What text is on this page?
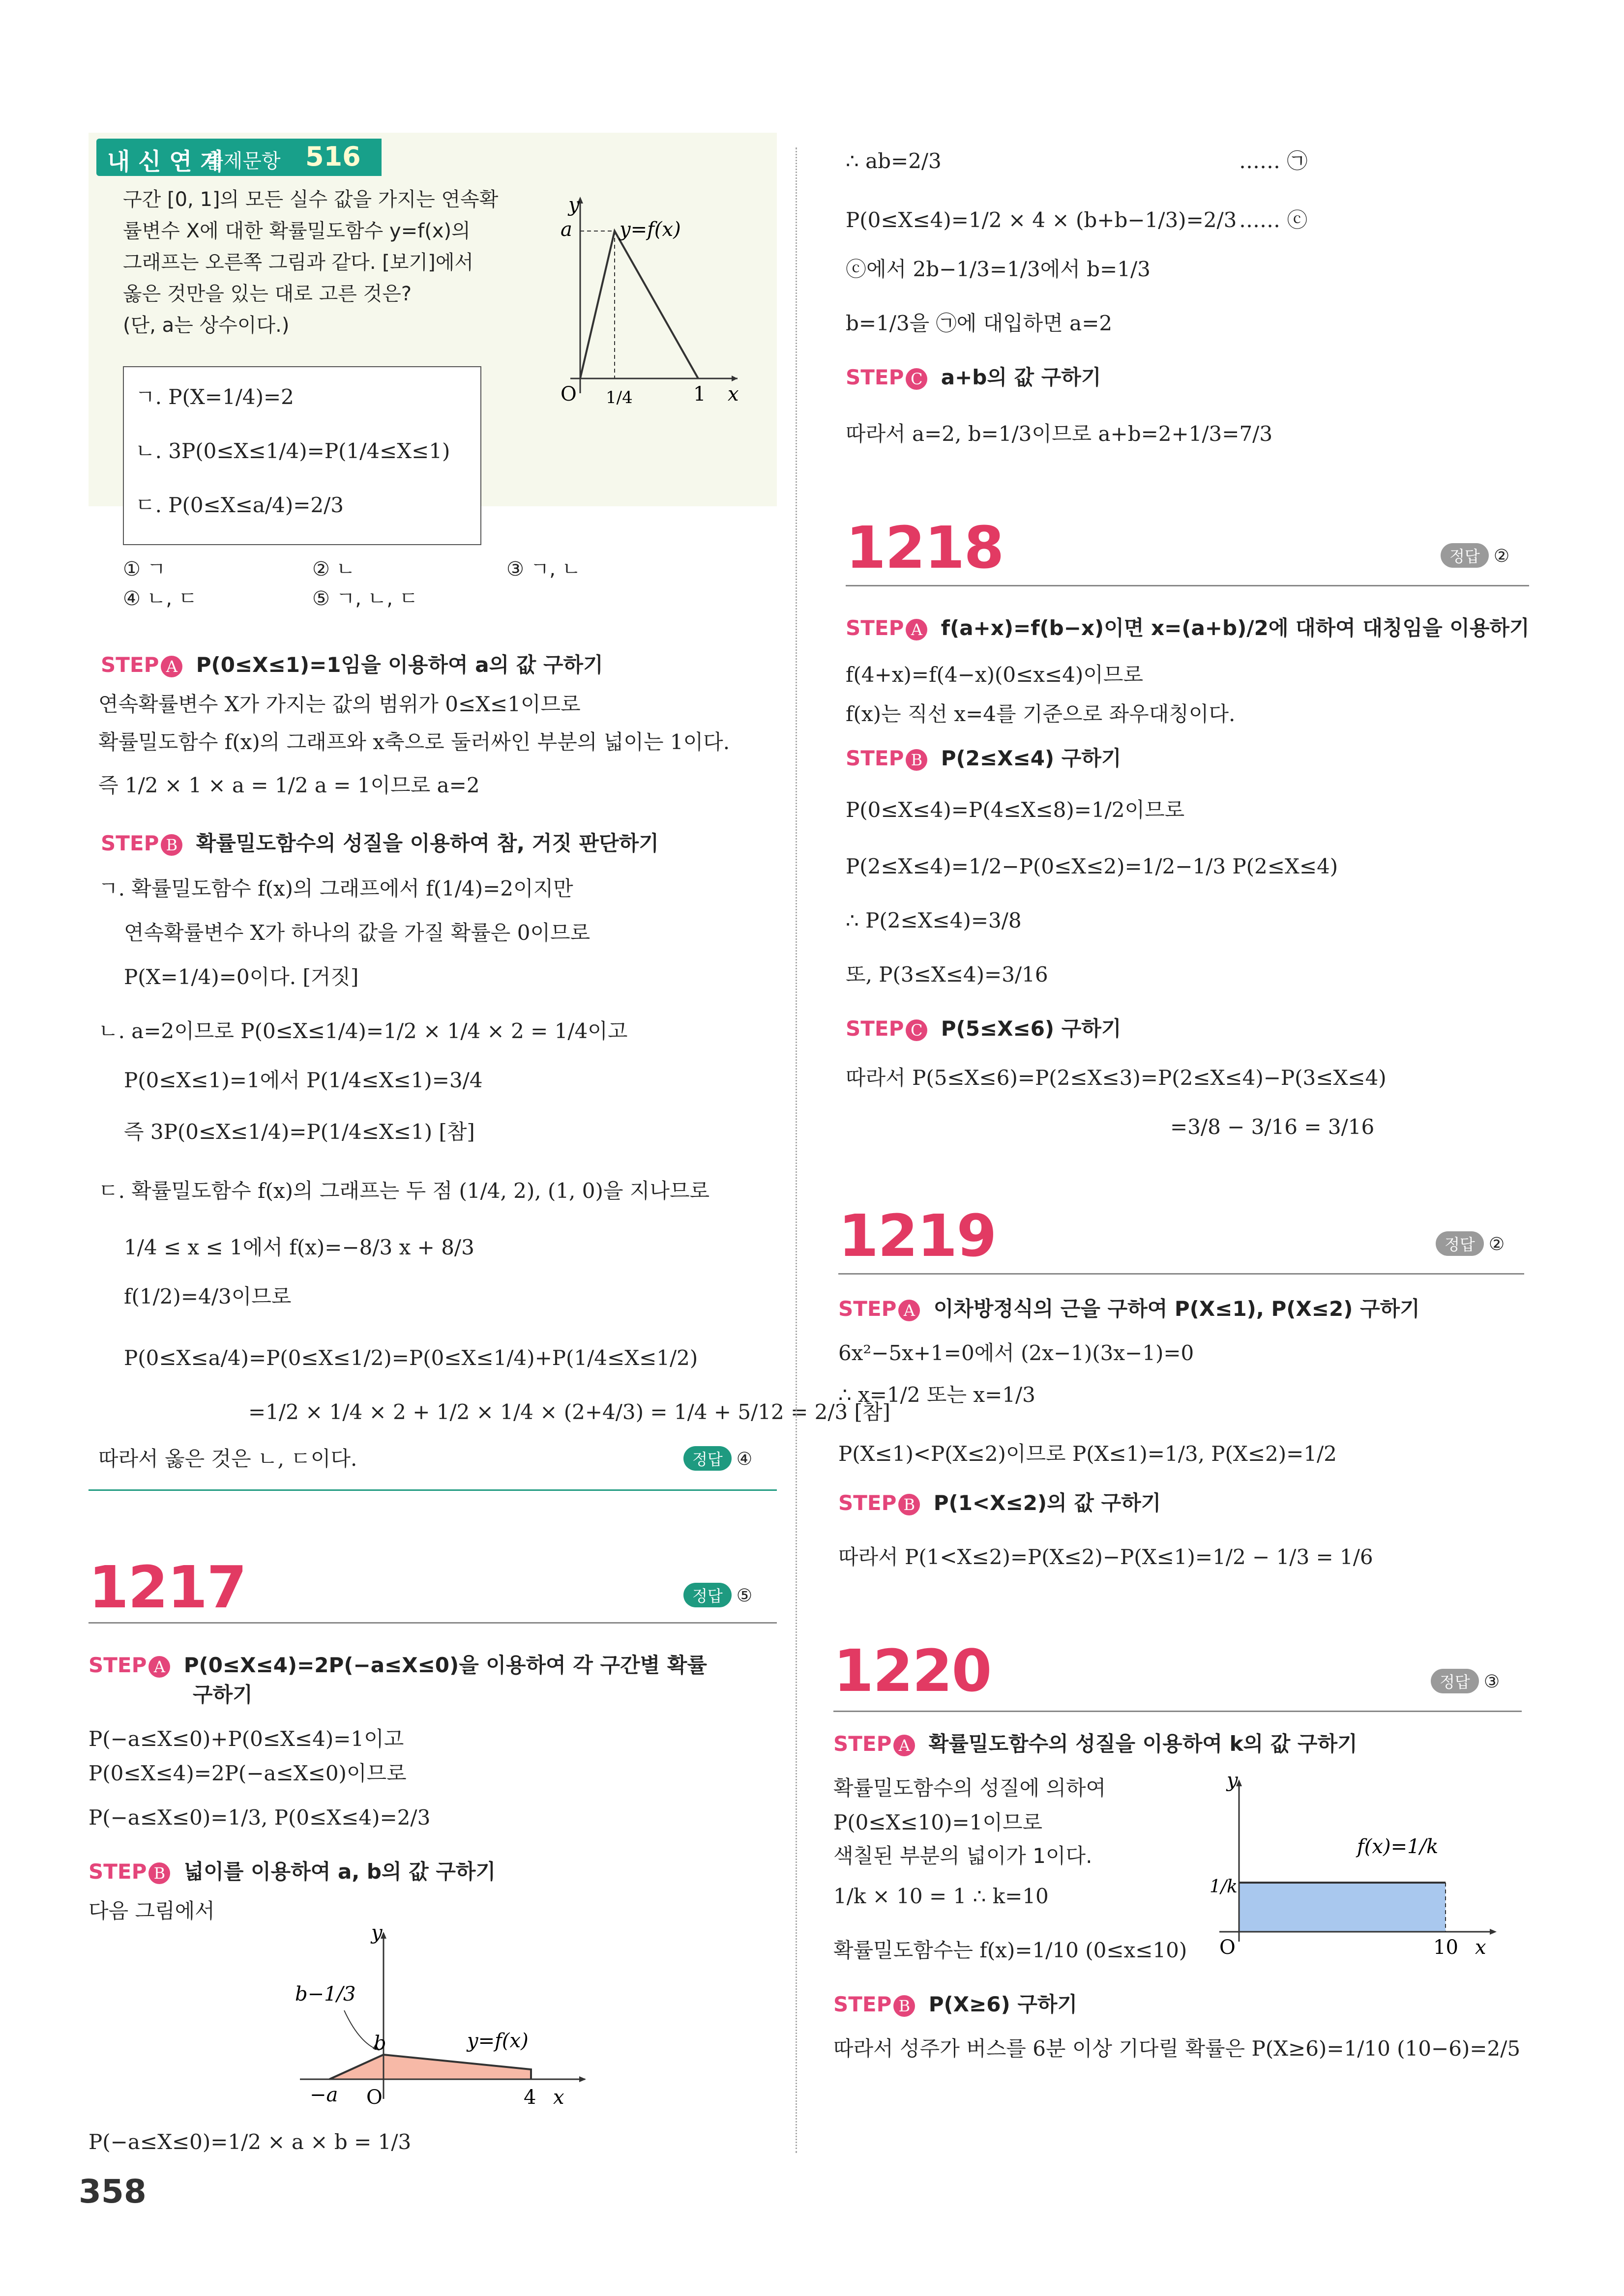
내 신 연 계
출제문항 516
구간 [0, 1]의 모든 실수 값을 가지는 연속확
률변수 X에 대한 확률밀도함수 y=f(x)의
그래프는 오른쪽 그림과 같다. [보기]에서
옳은 것만을 있는 대로 고른 것은?
(단, a는 상수이다.)
y
a y=f(x)
O 1/4	1 x
ㄱ. P(X=1/4)=2
ㄴ. 3P(0≤X≤1/4)=P(1/4≤X≤1)
ㄷ. P(0≤X≤a/4)=2/3
① ㄱ	② ㄴ	③ ㄱ, ㄴ
④ ㄴ, ㄷ	⑤ ㄱ, ㄴ, ㄷ
STEP A P(0≤X≤1)=1임을 이용하여 a의 값 구하기
연속확률변수 X가 가지는 값의 범위가 0≤X≤1이므로
확률밀도함수 f(x)의 그래프와 x축으로 둘러싸인 부분의 넓이는 1이다.
즉 1/2 × 1 × a = 1/2 a = 1이므로 a=2
STEP B 확률밀도함수의 성질을 이용하여 참, 거짓 판단하기
ㄱ. 확률밀도함수 f(x)의 그래프에서 f(1/4)=2이지만
연속확률변수 X가 하나의 값을 가질 확률은 0이므로
P(X=1/4)=0이다. [거짓]
ㄴ. a=2이므로 P(0≤X≤1/4)=1/2 × 1/4 × 2 = 1/4이고
P(0≤X≤1)=1에서 P(1/4≤X≤1)=3/4
즉 3P(0≤X≤1/4)=P(1/4≤X≤1) [참]
ㄷ. 확률밀도함수 f(x)의 그래프는 두 점 (1/4, 2), (1, 0)을 지나므로
1/4 ≤ x ≤ 1에서 f(x)=−8/3 x + 8/3
f(1/2)=4/3이므로
P(0≤X≤a/4)=P(0≤X≤1/2)=P(0≤X≤1/4)+P(1/4≤X≤1/2)
=1/2 × 1/4 × 2 + 1/2 × 1/4 × (2+4/3) = 1/4 + 5/12 = 2/3 [참]
따라서 옳은 것은 ㄴ, ㄷ이다.	정답 ④
1217	정답 ⑤
STEP A P(0≤X≤4)=2P(−a≤X≤0)을 이용하여 각 구간별 확률
구하기
P(−a≤X≤0)+P(0≤X≤4)=1이고
P(0≤X≤4)=2P(−a≤X≤0)이므로
P(−a≤X≤0)=1/3, P(0≤X≤4)=2/3
STEP B 넓이를 이용하여 a, b의 값 구하기
다음 그림에서
y
b−1/3
b	y=f(x)
−a O	4 x
P(−a≤X≤0)=1/2 × a × b = 1/3
358
∴ ab=2/3	…… ㉠
P(0≤X≤4)=1/2 × 4 × (b+b−1/3)=2/3 …… ⓒ
ⓒ에서 2b−1/3=1/3에서 b=1/3
b=1/3을 ㉠에 대입하면 a=2
STEP C a+b의 값 구하기
따라서 a=2, b=1/3이므로 a+b=2+1/3=7/3
1218	정답 ②
STEP A f(a+x)=f(b−x)이면 x=(a+b)/2에 대하여 대칭임을 이용하기
f(4+x)=f(4−x)(0≤x≤4)이므로
f(x)는 직선 x=4를 기준으로 좌우대칭이다.
STEP B P(2≤X≤4) 구하기
P(0≤X≤4)=P(4≤X≤8)=1/2이므로
P(2≤X≤4)=1/2−P(0≤X≤2)=1/2−1/3 P(2≤X≤4)
∴ P(2≤X≤4)=3/8
또, P(3≤X≤4)=3/16
STEP C P(5≤X≤6) 구하기
따라서 P(5≤X≤6)=P(2≤X≤3)=P(2≤X≤4)−P(3≤X≤4)
=3/8 − 3/16 = 3/16
1219	정답 ②
STEP A 이차방정식의 근을 구하여 P(X≤1), P(X≤2) 구하기
6x²−5x+1=0에서 (2x−1)(3x−1)=0
∴ x=1/2 또는 x=1/3
P(X≤1)<P(X≤2)이므로 P(X≤1)=1/3, P(X≤2)=1/2
STEP B P(1<X≤2)의 값 구하기
따라서 P(1<X≤2)=P(X≤2)−P(X≤1)=1/2 − 1/3 = 1/6
1220	정답 ③
STEP A 확률밀도함수의 성질을 이용하여 k의 값 구하기
확률밀도함수의 성질에 의하여
P(0≤X≤10)=1이므로
색칠된 부분의 넓이가 1이다.
1/k × 10 = 1 ∴ k=10
확률밀도함수는 f(x)=1/10 (0≤x≤10)
y
f(x)=1/k
1/k
O	10 x
STEP B P(X≥6) 구하기
따라서 성주가 버스를 6분 이상 기다릴 확률은 P(X≥6)=1/10 (10−6)=2/5
